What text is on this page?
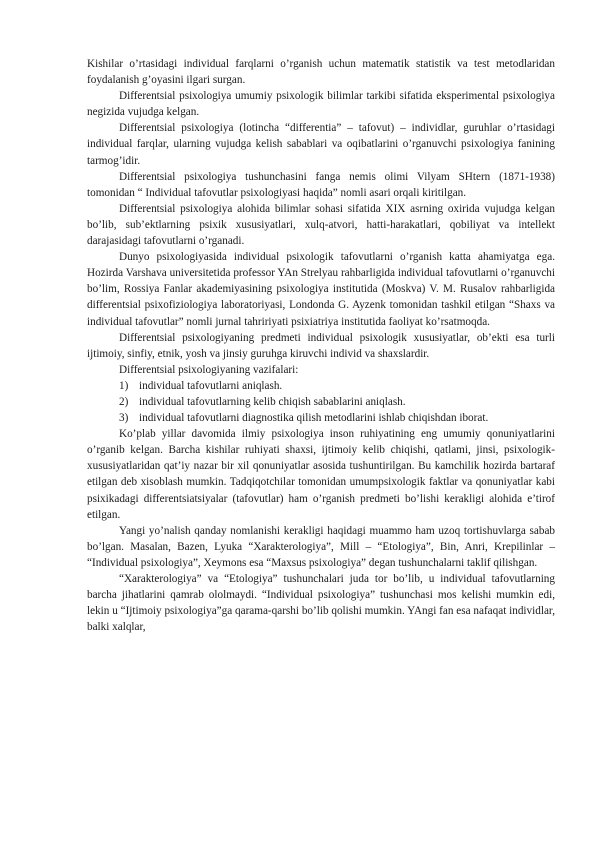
Kishilar o’rtasidagi individual farqlarni o’rganish uchun matematik statistik va test metodlaridan foydalanish g’oyasini ilgari surgan.

Differentsial psixologiya umumiy psixologik bilimlar tarkibi sifatida eksperimental psixologiya negizida vujudga kelgan.

Differentsial psixologiya (lotincha “differentia” – tafovut) – individlar, guruhlar o’rtasidagi individual farqlar, ularning vujudga kelish sabablari va oqibatlarini o’rganuvchi psixologiya fanining tarmog’idir.

Differentsial psixologiya tushunchasini fanga nemis olimi Vilyam SHtern (1871-1938) tomonidan “ Individual tafovutlar psixologiyasi haqida” nomli asari orqali kiritilgan.

Differentsial psixologiya alohida bilimlar sohasi sifatida XIX asrning oxirida vujudga kelgan bo’lib, sub’ektlarning psixik xususiyatlari, xulq-atvori, hatti-harakatlari, qobiliyat va intellekt darajasidagi tafovutlarni o’rganadi.

Dunyo psixologiyasida individual psixologik tafovutlarni o’rganish katta ahamiyatga ega. Hozirda Varshava universitetida professor YAn Strelyau rahbarligida individual tafovutlarni o’rganuvchi bo’lim, Rossiya Fanlar akademiyasining psixologiya institutida (Moskva) V. M. Rusalov rahbarligida differentsial psixofiziologiya laboratoriyasi, Londonda G. Ayzenk tomonidan tashkil etilgan “Shaxs va individual tafovutlar” nomli jurnal tahririyati psixiatriya institutida faoliyat ko’rsatmoqda.

Differentsial psixologiyaning predmeti individual psixologik xususiyatlar, ob’ekti esa turli ijtimoiy, sinfiy, etnik, yosh va jinsiy guruhga kiruvchi individ va shaxslardir.

Differentsial psixologiyaning vazifalari:

1) individual tafovutlarni aniqlash.
2) individual tafovutlarning kelib chiqish sabablarini aniqlash.
3) individual tafovutlarni diagnostika qilish metodlarini ishlab chiqishdan iborat.

Ko’plab yillar davomida ilmiy psixologiya inson ruhiyatining eng umumiy qonuniyatlarini o’rganib kelgan. Barcha kishilar ruhiyati shaxsi, ijtimoiy kelib chiqishi, qatlami, jinsi, psixologik-xususiyatlaridan qat’iy nazar bir xil qonuniyatlar asosida tushuntirilgan. Bu kamchilik hozirda bartaraf etilgan deb xisoblash mumkin. Tadqiqotchilar tomonidan umumpsixologik faktlar va qonuniyatlar kabi psixikadagi differentsiatsiyalar (tafovutlar) ham o’rganish predmeti bo’lishi kerakligi alohida e’tirof etilgan.

Yangi yo’nalish qanday nomlanishi kerakligi haqidagi muammo ham uzoq tortishuvlarga sabab bo’lgan. Masalan, Bazen, Lyuka “Xarakterologiya”, Mill – “Etologiya”, Bin, Anri, Krepilinlar – “Individual psixologiya”, Xeymons esa “Maxsus psixologiya” degan tushunchalarni taklif qilishgan.

“Xarakterologiya” va “Etologiya” tushunchalari juda tor bo’lib, u individual tafovutlarning barcha jihatlarini qamrab ololmaydi. “Individual psixologiya” tushunchasi mos kelishi mumkin edi, lekin u “Ijtimoiy psixologiya”ga qarama-qarshi bo’lib qolishi mumkin. YAngi fan esa nafaqat individlar, balki xalqlar,
